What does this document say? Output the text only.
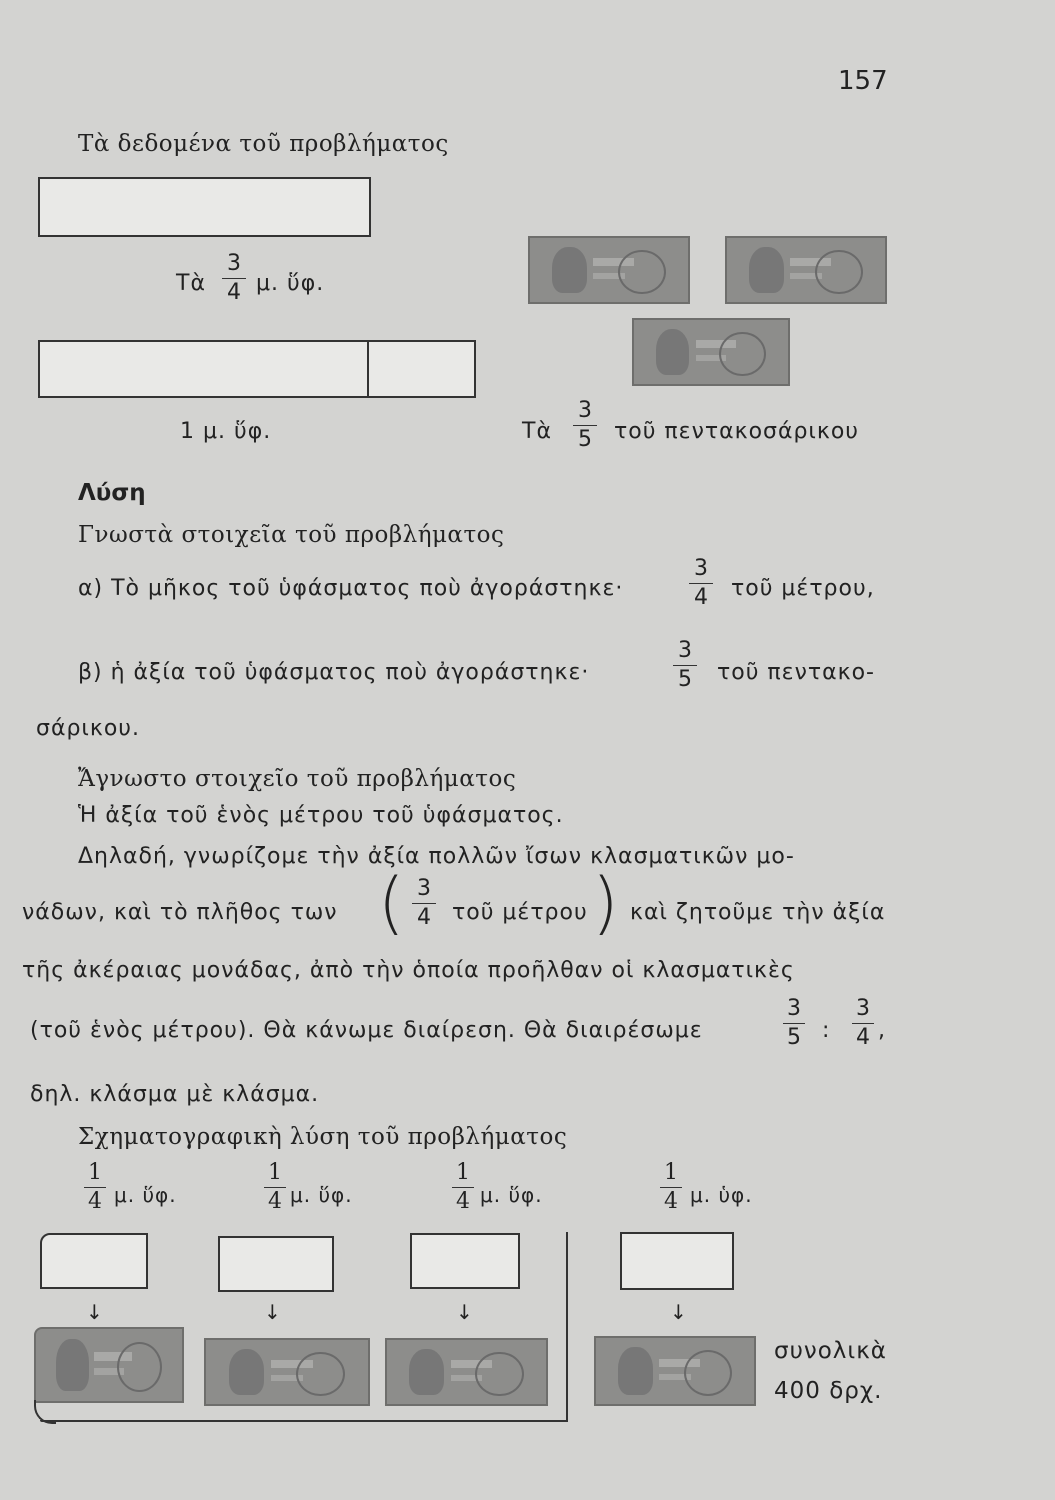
157
Τὰ δεδομένα τοῦ προβλήματος
Τὰ
3
4 μ. ὕφ.
1 μ. ὕφ.	Τὰ
3
5 τοῦ πεντακοσάρικου
Λύση
Γνωστὰ στοιχεῖα τοῦ προβλήματος
α) Τὸ μῆκος τοῦ ὑφάσματος ποὺ ἀγοράστηκε·
3
4 τοῦ μέτρου,
β) ἡ ἀξία τοῦ ὑφάσματος ποὺ ἀγοράστηκε·
3
5 τοῦ πεντακο-
σάρικου.
Ἄγνωστο στοιχεῖο τοῦ προβλήματος
Ἡ ἀξία τοῦ ἑνὸς μέτρου τοῦ ὑφάσματος.
Δηλαδή, γνωρίζομε τὴν ἀξία πολλῶν ἴσων κλασματικῶν μο-
νάδων, καὶ τὸ πλῆθος των ( 3
4 τοῦ μέτρου ) καὶ ζητοῦμε τὴν ἀξία
τῆς ἀκέραιας μονάδας, ἀπὸ τὴν ὁποία προῆλθαν οἱ κλασματικὲς
(τοῦ ἑνὸς μέτρου). Θὰ κάνωμε διαίρεση. Θὰ διαιρέσωμε
3
5 :
3
4 ,
δηλ. κλάσμα μὲ κλάσμα.
Σχηματογραφικὴ λύση τοῦ προβλήματος
1
4 μ. ὕφ.
1
4 μ. ὕφ.
1
4 μ. ὕφ.
1
4 μ. ὑφ.
↓	↓	↓	↓
συνολικὰ
400 δρχ.
